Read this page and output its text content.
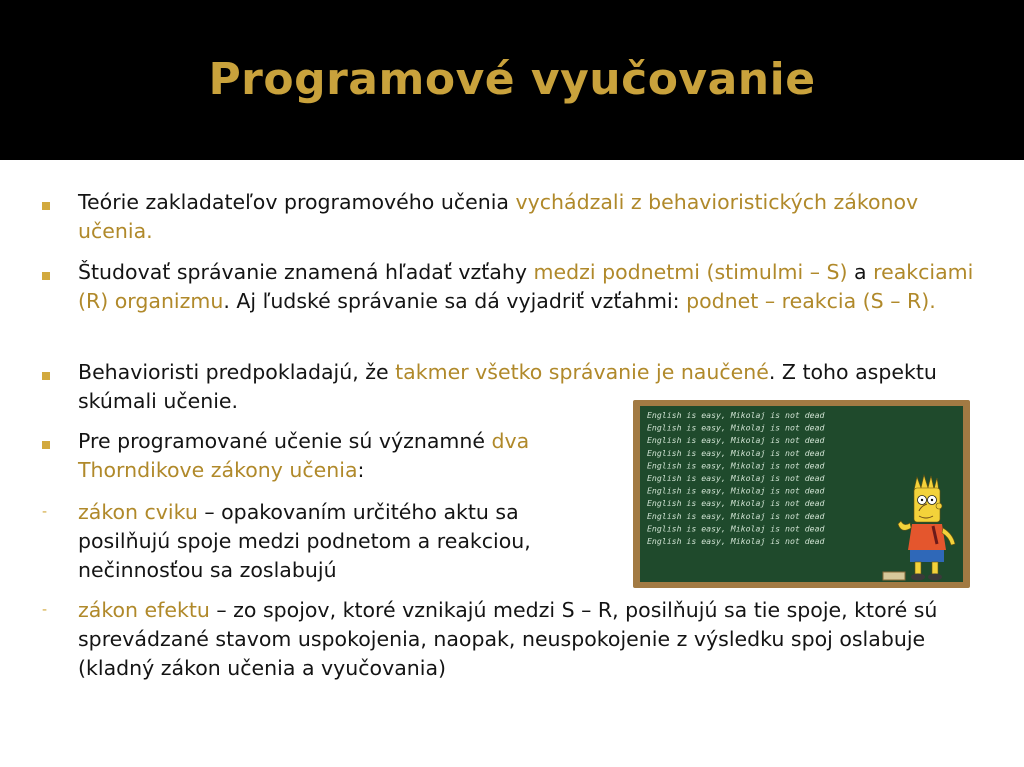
Programové vyučovanie
Teórie zakladateľov programového učenia vychádzali z behavioristických zákonov učenia.
Študovať správanie znamená hľadať vzťahy medzi podnetmi (stimulmi – S) a reakciami (R) organizmu. Aj ľudské správanie sa dá vyjadriť vzťahmi: podnet – reakcia (S – R).
Behavioristi predpokladajú, že takmer všetko správanie je naučené. Z toho aspektu skúmali učenie.
Pre programované učenie sú významné dva Thorndikove zákony učenia:
-	zákon cviku – opakovaním určitého aktu sa posilňujú spoje medzi podnetom a reakciou, nečinnosťou sa zoslabujú
-	zákon efektu – zo spojov, ktoré vznikajú medzi S – R, posilňujú sa tie spoje, ktoré sú sprevádzané stavom uspokojenia, naopak, neuspokojenie z výsledku spoj oslabuje (kladný zákon učenia a vyučovania)
English is easy, Mikolaj is not dead
English is easy, Mikolaj is not dead
English is easy, Mikolaj is not dead
English is easy, Mikolaj is not dead
English is easy, Mikolaj is not dead
English is easy, Mikolaj is not dead
English is easy, Mikolaj is not dead
English is easy, Mikolaj is not dead
English is easy, Mikolaj is not dead
English is easy, Mikolaj is not dead
English is easy, Mikolaj is not dead
